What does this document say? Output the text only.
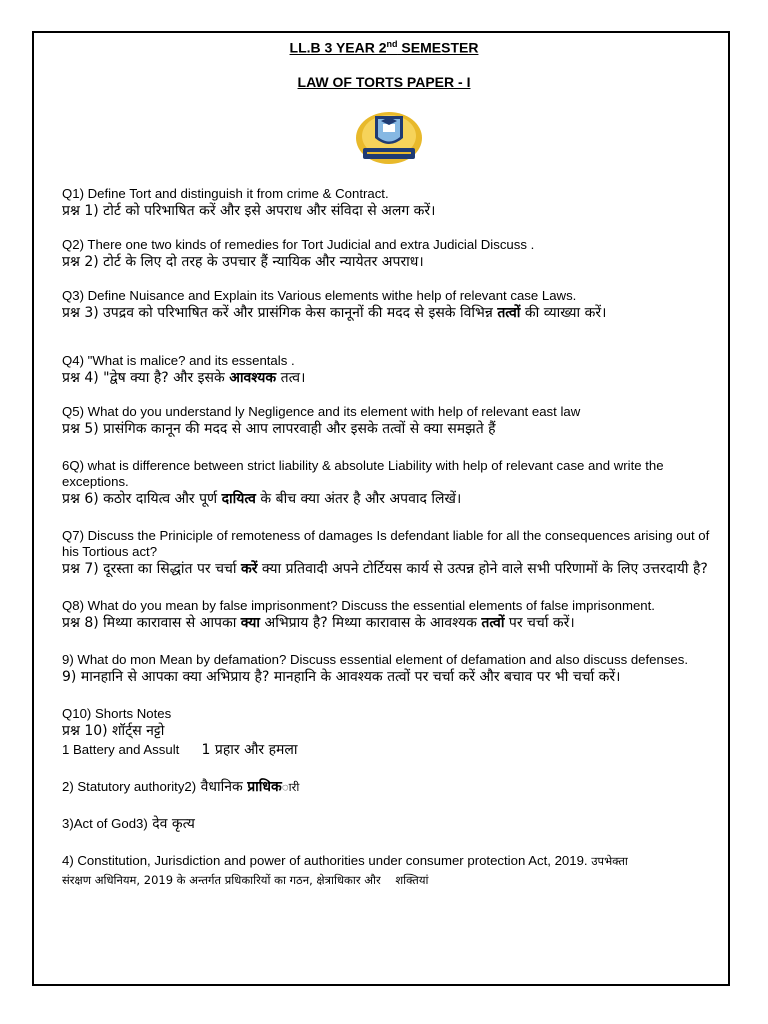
LL.B 3 YEAR 2nd SEMESTER
LAW OF TORTS PAPER - I
Q1) Define Tort and distinguish it from crime & Contract.
प्रश्न 1) टोर्ट को परिभाषित करें और इसे अपराध और संविदा से अलग करें।
Q2) There one two kinds of remedies for Tort Judicial and extra Judicial Discuss .
प्रश्न 2) टोर्ट के लिए दो तरह के उपचार हैं न्यायिक और न्यायेतर अपराध।
Q3) Define Nuisance and Explain its Various elements withe help of relevant case Laws.
प्रश्न 3) उपद्रव को परिभाषित करें और प्रासंगिक केस कानूनों की मदद से इसके विभिन्न तत्वों की व्याख्या करें।
Q4) "What is malice? and its essentals .
प्रश्न 4) "द्वेष क्या है? और इसके आवश्यक तत्व।
Q5) What do you understand ly Negligence and its element with help of relevant east law
प्रश्न 5) प्रासंगिक कानून की मदद से आप लापरवाही और इसके तत्वों से क्या समझते हैं
6Q) what is difference between strict liability & absolute Liability with help of relevant case and write the exceptions.
प्रश्न 6) कठोर दायित्व और पूर्ण दायित्व के बीच क्या अंतर है और अपवाद लिखें।
Q7) Discuss the Priniciple of remoteness of damages Is defendant liable for all the consequences arising out of his Tortious act?
प्रश्न 7) दूरस्ता का सिद्धांत पर चर्चा करें क्या प्रतिवादी अपने टोर्टियस कार्य से उत्पन्न होने वाले सभी परिणामों के लिए उत्तरदायी है?
Q8) What do you mean by false imprisonment? Discuss the essential elements of false imprisonment.
प्रश्न 8) मिथ्या कारावास से आपका क्या अभिप्राय है? मिथ्या कारावास के आवश्यक तत्वों पर चर्चा करें।
9) What do mon Mean by defamation? Discuss essential element of defamation and also discuss defenses.
9) मानहानि से आपका क्या अभिप्राय है? मानहानि के आवश्यक तत्वों पर चर्चा करें और बचाव पर भी चर्चा करें।
Q10) Shorts Notes
प्रश्न 10) शॉर्ट्स नट्टो
1 Battery and Assult     1 प्रहार और हमला
2) Statutory authority2) वैधानिक प्राधिकारी
3)Act of God3) देव कृत्य
4) Constitution, Jurisdiction and power of authorities under consumer protection Act, 2019. उपभेक्ता
संरक्षण अधिनियम, 2019 के अन्तर्गत प्रधिकारियों का गठन, क्षेत्राधिकार और    शक्तियां
